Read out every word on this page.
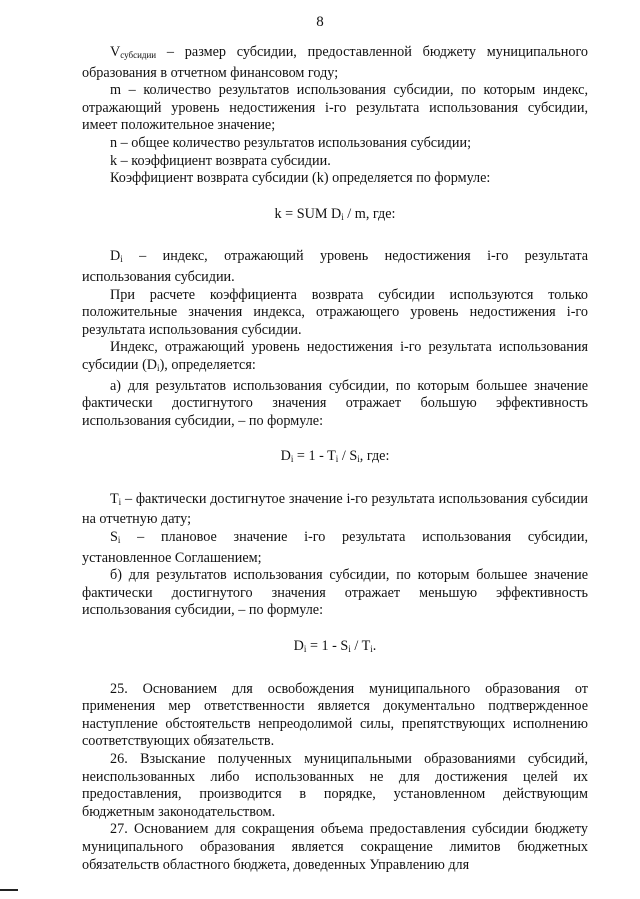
8

$V_{субсидии}$ – размер субсидии, предоставленной бюджету муниципального образования в отчетном финансовом году;

m – количество результатов использования субсидии, по которым индекс, отражающий уровень недостижения i-го результата использования субсидии, имеет положительное значение;

n – общее количество результатов использования субсидии;

k – коэффициент возврата субсидии.

Коэффициент возврата субсидии (k) определяется по формуле:

k = SUM $D_i$ / m, где:

$D_i$ – индекс, отражающий уровень недостижения i-го результата использования субсидии.

При расчете коэффициента возврата субсидии используются только положительные значения индекса, отражающего уровень недостижения i-го результата использования субсидии.

Индекс, отражающий уровень недостижения i-го результата использования субсидии $(D_i)$, определяется:

а) для результатов использования субсидии, по которым большее значение фактически достигнутого значения отражает большую эффективность использования субсидии, – по формуле:

$D_i = 1 - T_i / S_i$, где:

$T_i$ – фактически достигнутое значение i-го результата использования субсидии на отчетную дату;

$S_i$ – плановое значение i-го результата использования субсидии, установленное Соглашением;

б) для результатов использования субсидии, по которым большее значение фактически достигнутого значения отражает меньшую эффективность использования субсидии, – по формуле:

$D_i = 1 - S_i / T_i$.

25. Основанием для освобождения муниципального образования от применения мер ответственности является документально подтвержденное наступление обстоятельств непреодолимой силы, препятствующих исполнению соответствующих обязательств.

26. Взыскание полученных муниципальными образованиями субсидий, неиспользованных либо использованных не для достижения целей их предоставления, производится в порядке, установленном действующим бюджетным законодательством.

27. Основанием для сокращения объема предоставления субсидии бюджету муниципального образования является сокращение лимитов бюджетных обязательств областного бюджета, доведенных Управлению для
